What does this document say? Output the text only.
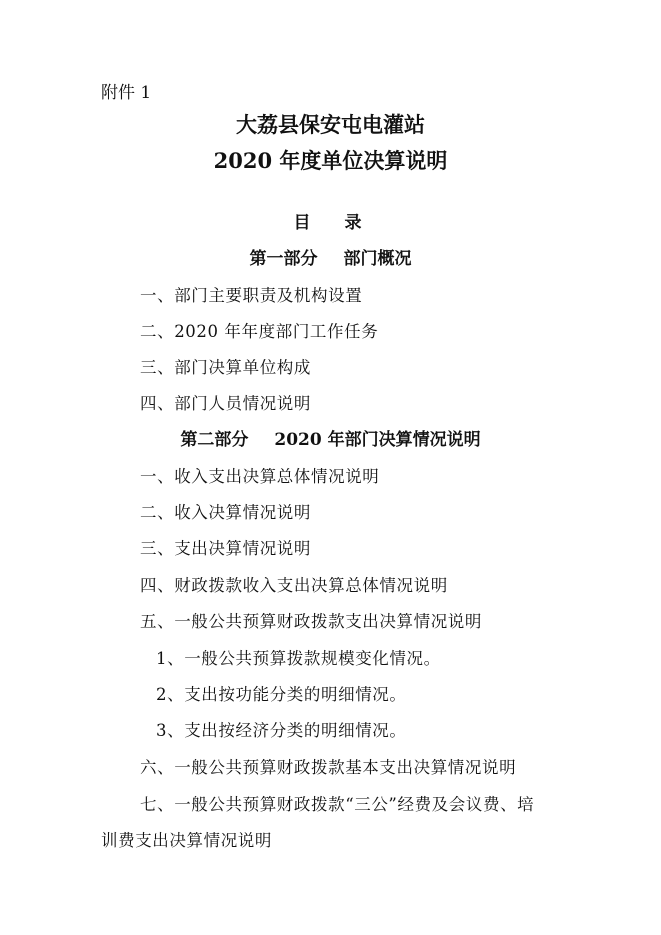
附件 1
大荔县保安屯电灌站
2020 年度单位决算说明
目 录
第一部分 部门概况
一、部门主要职责及机构设置
二、2020 年年度部门工作任务
三、部门决算单位构成
四、部门人员情况说明
第二部分 2020 年部门决算情况说明
一、收入支出决算总体情况说明
二、收入决算情况说明
三、支出决算情况说明
四、财政拨款收入支出决算总体情况说明
五、一般公共预算财政拨款支出决算情况说明
1、一般公共预算拨款规模变化情况。
2、支出按功能分类的明细情况。
3、支出按经济分类的明细情况。
六、一般公共预算财政拨款基本支出决算情况说明
七、一般公共预算财政拨款“三公”经费及会议费、培
训费支出决算情况说明
